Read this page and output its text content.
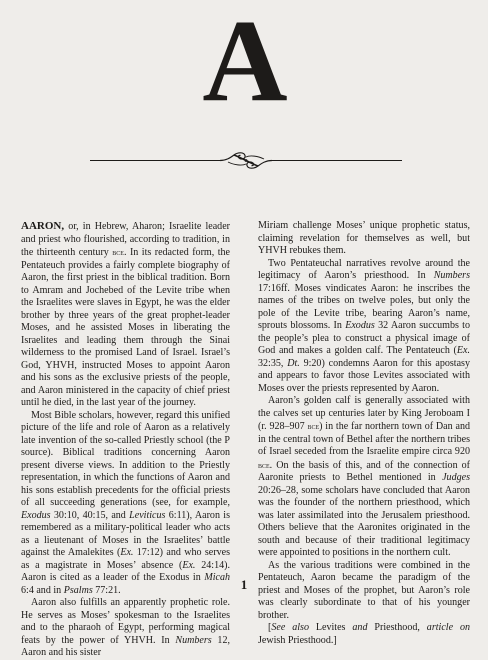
A

AARON, or, in Hebrew, Aharon; Israelite leader and priest who flourished, according to tradition, in the thirteenth century bce. In its redacted form, the Pentateuch provides a fairly complete biography of Aaron, the first priest in the biblical tradition. Born to Amram and Jochebed of the Levite tribe when the Israelites were slaves in Egypt, he was the elder brother by three years of the great prophet-leader Moses, and he assisted Moses in liberating the Israelites and leading them through the Sinai wilderness to the promised Land of Israel. Israel’s God, YHVH, instructed Moses to appoint Aaron and his sons as the exclusive priests of the people, and Aaron ministered in the capacity of chief priest until he died, in the last year of the journey.

Most Bible scholars, however, regard this unified picture of the life and role of Aaron as a relatively late invention of the so-called Priestly school (the P source). Biblical traditions concerning Aaron present diverse views. In addition to the Priestly representation, in which the functions of Aaron and his sons establish precedents for the official priests of all succeeding generations (see, for example, Exodus 30:10, 40:15, and Leviticus 6:11), Aaron is remembered as a military-political leader who acts as a lieutenant of Moses in the Israelites’ battle against the Amalekites (Ex. 17:12) and who serves as a magistrate in Moses’ absence (Ex. 24:14). Aaron is cited as a leader of the Exodus in Micah 6:4 and in Psalms 77:21.

Aaron also fulfills an apparently prophetic role. He serves as Moses’ spokesman to the Israelites and to the pharaoh of Egypt, performing magical feats by the power of YHVH. In Numbers 12, Aaron and his sister

Miriam challenge Moses’ unique prophetic status, claiming revelation for themselves as well, but YHVH rebukes them.

Two Pentateuchal narratives revolve around the legitimacy of Aaron’s priesthood. In Numbers 17:16ff. Moses vindicates Aaron: he inscribes the names of the tribes on twelve poles, but only the pole of the Levite tribe, bearing Aaron’s name, sprouts blossoms. In Exodus 32 Aaron succumbs to the people’s plea to construct a physical image of God and makes a golden calf. The Pentateuch (Ex. 32:35, Dt. 9:20) condemns Aaron for this apostasy and appears to favor those Levites associated with Moses over the priests represented by Aaron.

Aaron’s golden calf is generally associated with the calves set up centuries later by King Jeroboam I (r. 928–907 bce) in the far northern town of Dan and in the central town of Bethel after the northern tribes of Israel seceded from the Israelite empire circa 920 bce. On the basis of this, and of the connection of Aaronite priests to Bethel mentioned in Judges 20:26–28, some scholars have concluded that Aaron was the founder of the northern priesthood, which was later assimilated into the Jerusalem priesthood. Others believe that the Aaronites originated in the south and because of their traditional legitimacy were appointed to positions in the northern cult.

As the various traditions were combined in the Pentateuch, Aaron became the paradigm of the priest and Moses of the prophet, but Aaron’s role was clearly subordinate to that of his younger brother.

[See also Levites and Priesthood, article on Jewish Priesthood.]

1
